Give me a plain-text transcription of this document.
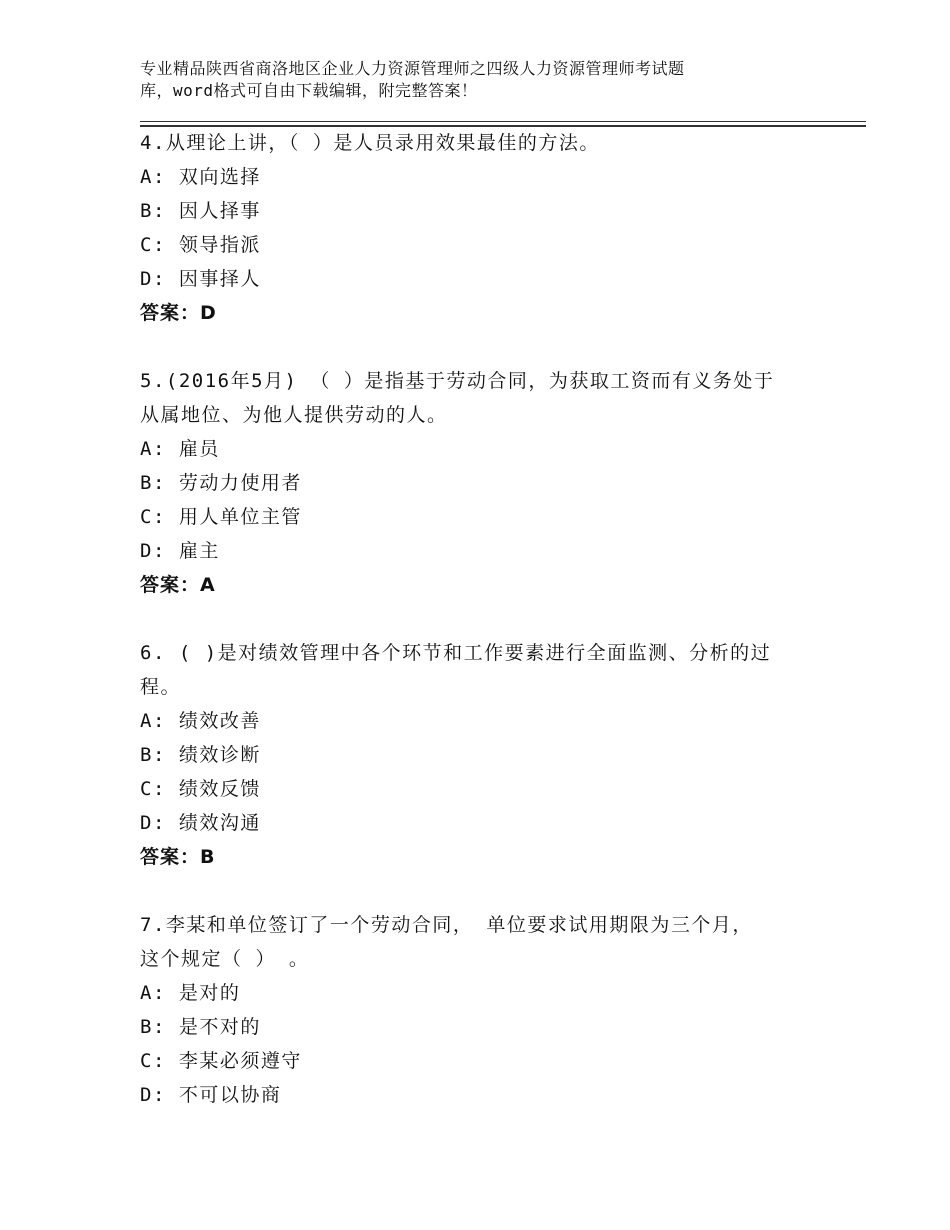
专业精品陕西省商洛地区企业人力资源管理师之四级人力资源管理师考试题
库，word格式可自由下载编辑，附完整答案！
4.从理论上讲，（ ）是人员录用效果最佳的方法。
A: 双向选择
B: 因人择事
C: 领导指派
D: 因事择人
答案：D
5.(2016年5月) （ ）是指基于劳动合同，为获取工资而有义务处于
从属地位、为他人提供劳动的人。
A: 雇员
B: 劳动力使用者
C: 用人单位主管
D: 雇主
答案：A
6. ( )是对绩效管理中各个环节和工作要素进行全面监测、分析的过
程。
A: 绩效改善
B: 绩效诊断
C: 绩效反馈
D: 绩效沟通
答案：B
7.李某和单位签订了一个劳动合同， 单位要求试用期限为三个月，
这个规定（ ） 。
A: 是对的
B: 是不对的
C: 李某必须遵守
D: 不可以协商
